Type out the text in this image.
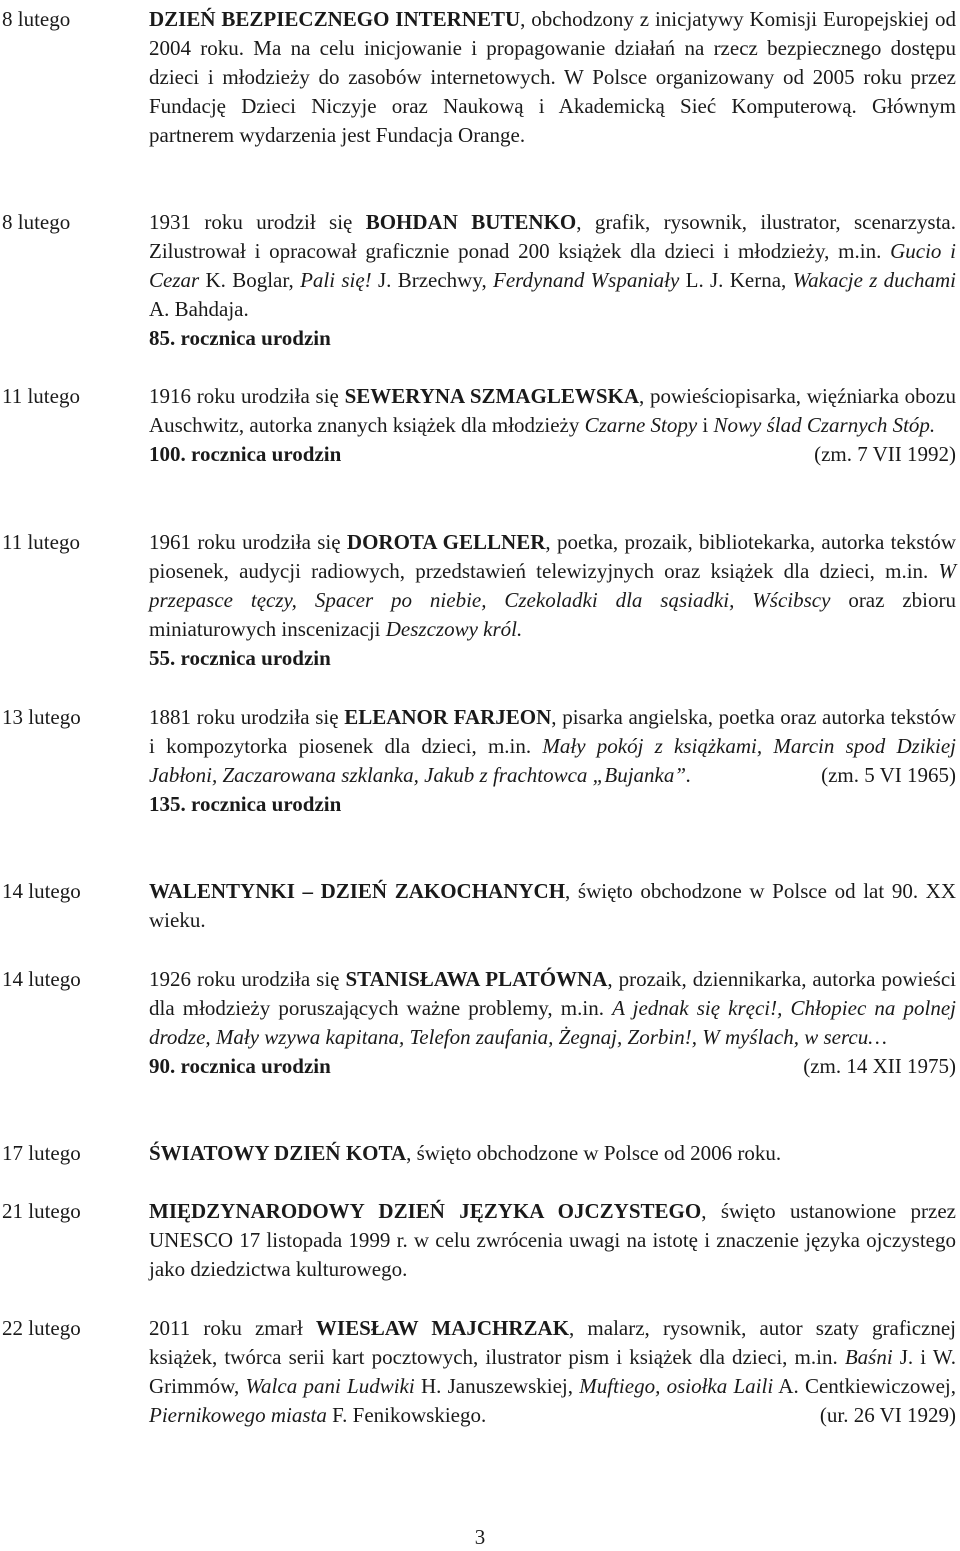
8 lutego	DZIEŃ BEZPIECZNEGO INTERNETU, obchodzony z inicjatywy Komisji Europejskiej od 2004 roku. Ma na celu inicjowanie i propagowanie działań na rzecz bezpiecznego dostępu dzieci i młodzieży do zasobów internetowych. W Polsce organizowany od 2005 roku przez Fundację Dzieci Niczyje oraz Naukową i Akademicką Sieć Komputerową. Głównym partnerem wydarzenia jest Fundacja Orange.
8 lutego	1931 roku urodził się BOHDAN BUTENKO, grafik, rysownik, ilustrator, scenarzysta. Zilustrował i opracował graficznie ponad 200 książek dla dzieci i młodzieży, m.in. Gucio i Cezar K. Boglar, Pali się! J. Brzechwy, Ferdynand Wspaniały L. J. Kerna, Wakacje z duchami A. Bahdaja.
85. rocznica urodzin
11 lutego	1916 roku urodziła się SEWERYNA SZMAGLEWSKA, powieściopisarka, więźniarka obozu Auschwitz, autorka znanych książek dla młodzieży Czarne Stopy i Nowy ślad Czarnych Stóp.
(zm. 7 VII 1992)
100. rocznica urodzin
11 lutego	1961 roku urodziła się DOROTA GELLNER, poetka, prozaik, bibliotekarka, autorka tekstów piosenek, audycji radiowych, przedstawień telewizyjnych oraz książek dla dzieci, m.in. W przepasce tęczy, Spacer po niebie, Czekoladki dla sąsiadki, Wścibscy oraz zbioru miniaturowych inscenizacji Deszczowy król.
55. rocznica urodzin
13 lutego	1881 roku urodziła się ELEANOR FARJEON, pisarka angielska, poetka oraz autorka tekstów i kompozytorka piosenek dla dzieci, m.in. Mały pokój z książkami, Marcin spod Dzikiej Jabłoni, Zaczarowana szklanka, Jakub z frachtowca „Bujanka”.	(zm. 5 VI 1965)
135. rocznica urodzin
14 lutego	WALENTYNKI – DZIEŃ ZAKOCHANYCH, święto obchodzone w Polsce od lat 90. XX wieku.
14 lutego	1926 roku urodziła się STANISŁAWA PLATÓWNA, prozaik, dziennikarka, autorka powieści dla młodzieży poruszających ważne problemy, m.in. A jednak się kręci!, Chłopiec na polnej drodze, Mały wzywa kapitana, Telefon zaufania, Żegnaj, Zorbin!, W myślach, w sercu…
(zm. 14 XII 1975)
90. rocznica urodzin
17 lutego	ŚWIATOWY DZIEŃ KOTA, święto obchodzone w Polsce od 2006 roku.
21 lutego	MIĘDZYNARODOWY DZIEŃ JĘZYKA OJCZYSTEGO, święto ustanowione przez UNESCO 17 listopada 1999 r. w celu zwrócenia uwagi na istotę i znaczenie języka ojczystego jako dziedzictwa kulturowego.
22 lutego	2011 roku zmarł WIESŁAW MAJCHRZAK, malarz, rysownik, autor szaty graficznej książek, twórca serii kart pocztowych, ilustrator pism i książek dla dzieci, m.in. Baśni J. i W. Grimmów, Walca pani Ludwiki H. Januszewskiej, Muftiego, osiołka Laili A. Centkiewiczowej, Piernikowego miasta F. Fenikowskiego.	(ur. 26 VI 1929)
3
